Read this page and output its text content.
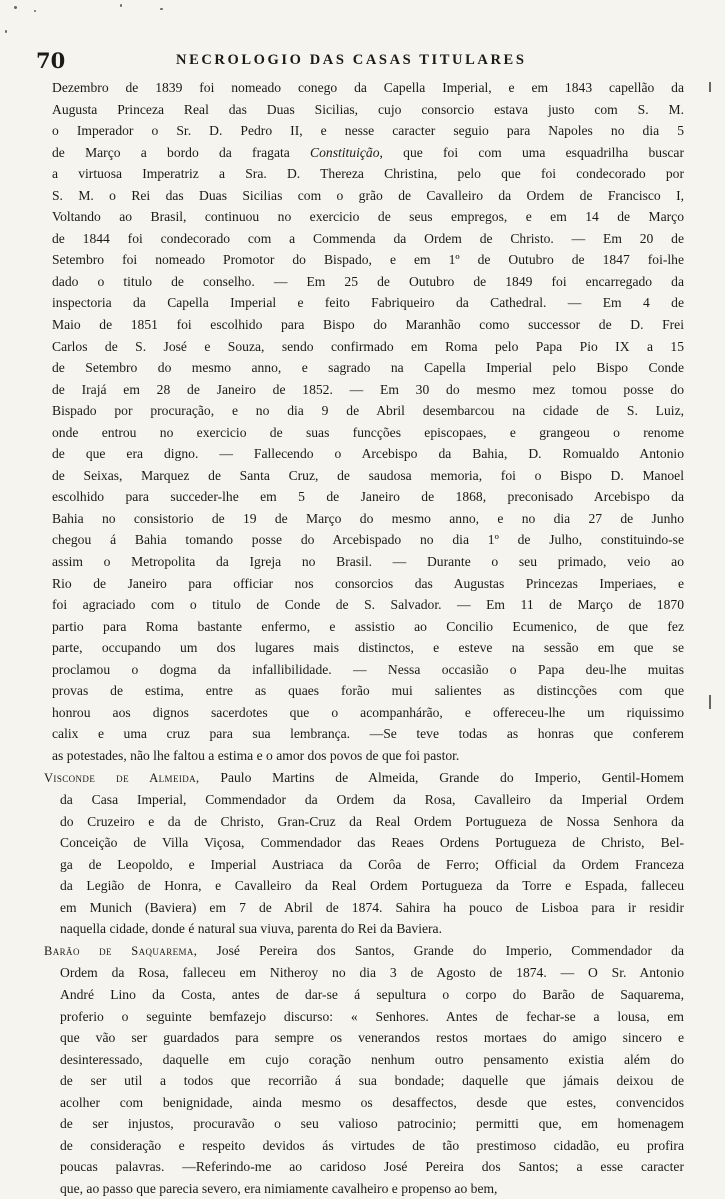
70	NECROLOGIO DAS CASAS TITULARES
Dezembro de 1839 foi nomeado conego da Capella Imperial, e em 1843 capellão da
Augusta Princeza Real das Duas Sicilias, cujo consorcio estava justo com S. M.
o Imperador o Sr. D. Pedro II, e nesse caracter seguio para Napoles no dia 5
de Março a bordo da fragata Constituição, que foi com uma esquadrilha buscar
a virtuosa Imperatriz a Sra. D. Thereza Christina, pelo que foi condecorado por
S. M. o Rei das Duas Sicilias com o grão de Cavalleiro da Ordem de Francisco I,
Voltando ao Brasil, continuou no exercicio de seus empregos, e em 14 de Março
de 1844 foi condecorado com a Commenda da Ordem de Christo. — Em 20 de
Setembro foi nomeado Promotor do Bispado, e em 1º de Outubro de 1847 foi-lhe
dado o titulo de conselho. — Em 25 de Outubro de 1849 foi encarregado da
inspectoria da Capella Imperial e feito Fabriqueiro da Cathedral. — Em 4 de
Maio de 1851 foi escolhido para Bispo do Maranhão como successor de D. Frei
Carlos de S. José e Souza, sendo confirmado em Roma pelo Papa Pio IX a 15
de Setembro do mesmo anno, e sagrado na Capella Imperial pelo Bispo Conde
de Irajá em 28 de Janeiro de 1852. — Em 30 do mesmo mez tomou posse do
Bispado por procuração, e no dia 9 de Abril desembarcou na cidade de S. Luiz,
onde entrou no exercicio de suas funcções episcopaes, e grangeou o renome
de que era digno. — Fallecendo o Arcebispo da Bahia, D. Romualdo Antonio
de Seixas, Marquez de Santa Cruz, de saudosa memoria, foi o Bispo D. Manoel
escolhido para succeder-lhe em 5 de Janeiro de 1868, preconisado Arcebispo da
Bahia no consistorio de 19 de Março do mesmo anno, e no dia 27 de Junho
chegou á Bahia tomando posse do Arcebispado no dia 1º de Julho, constituindo-se
assim o Metropolita da Igreja no Brasil. — Durante o seu primado, veio ao
Rio de Janeiro para officiar nos consorcios das Augustas Princezas Imperiaes, e
foi agraciado com o titulo de Conde de S. Salvador. — Em 11 de Março de 1870
partio para Roma bastante enfermo, e assistio ao Concilio Ecumenico, de que fez
parte, occupando um dos lugares mais distinctos, e esteve na sessão em que se
proclamou o dogma da infallibilidade. — Nessa occasião o Papa deu-lhe muitas
provas de estima, entre as quaes forão mui salientes as distincções com que
honrou aos dignos sacerdotes que o acompanhárão, e offereceu-lhe um riquissimo
calix e uma cruz para sua lembrança. —Se teve todas as honras que conferem
as potestades, não lhe faltou a estima e o amor dos povos de que foi pastor.
Visconde de Almeida, Paulo Martins de Almeida, Grande do Imperio, Gentil-Homem
da Casa Imperial, Commendador da Ordem da Rosa, Cavalleiro da Imperial Ordem
do Cruzeiro e da de Christo, Gran-Cruz da Real Ordem Portugueza de Nossa Senhora da
Conceição de Villa Viçosa, Commendador das Reaes Ordens Portugueza de Christo, Bel-
ga de Leopoldo, e Imperial Austriaca da Corôa de Ferro; Official da Ordem Franceza
da Legião de Honra, e Cavalleiro da Real Ordem Portugueza da Torre e Espada, falleceu
em Munich (Baviera) em 7 de Abril de 1874. Sahira ha pouco de Lisboa para ir residir
naquella cidade, donde é natural sua viuva, parenta do Rei da Baviera.
Barão de Saquarema, José Pereira dos Santos, Grande do Imperio, Commendador da
Ordem da Rosa, falleceu em Nitheroy no dia 3 de Agosto de 1874. — O Sr. Antonio
André Lino da Costa, antes de dar-se á sepultura o corpo do Barão de Saquarema,
proferio o seguinte bemfazejo discurso: « Senhores. Antes de fechar-se a lousa, em
que vão ser guardados para sempre os venerandos restos mortaes do amigo sincero e
desinteressado, daquelle em cujo coração nenhum outro pensamento existia além do
de ser util a todos que recorrião á sua bondade; daquelle que jámais deixou de
acolher com benignidade, ainda mesmo os desaffectos, desde que estes, convencidos
de ser injustos, procuravão o seu valioso patrocinio; permitti que, em homenagem
de consideração e respeito devidos ás virtudes de tão prestimoso cidadão, eu profira
poucas palavras. —Referindo-me ao caridoso José Pereira dos Santos; a esse caracter
que, ao passo que parecia severo, era nimiamente cavalheiro e propenso ao bem,
